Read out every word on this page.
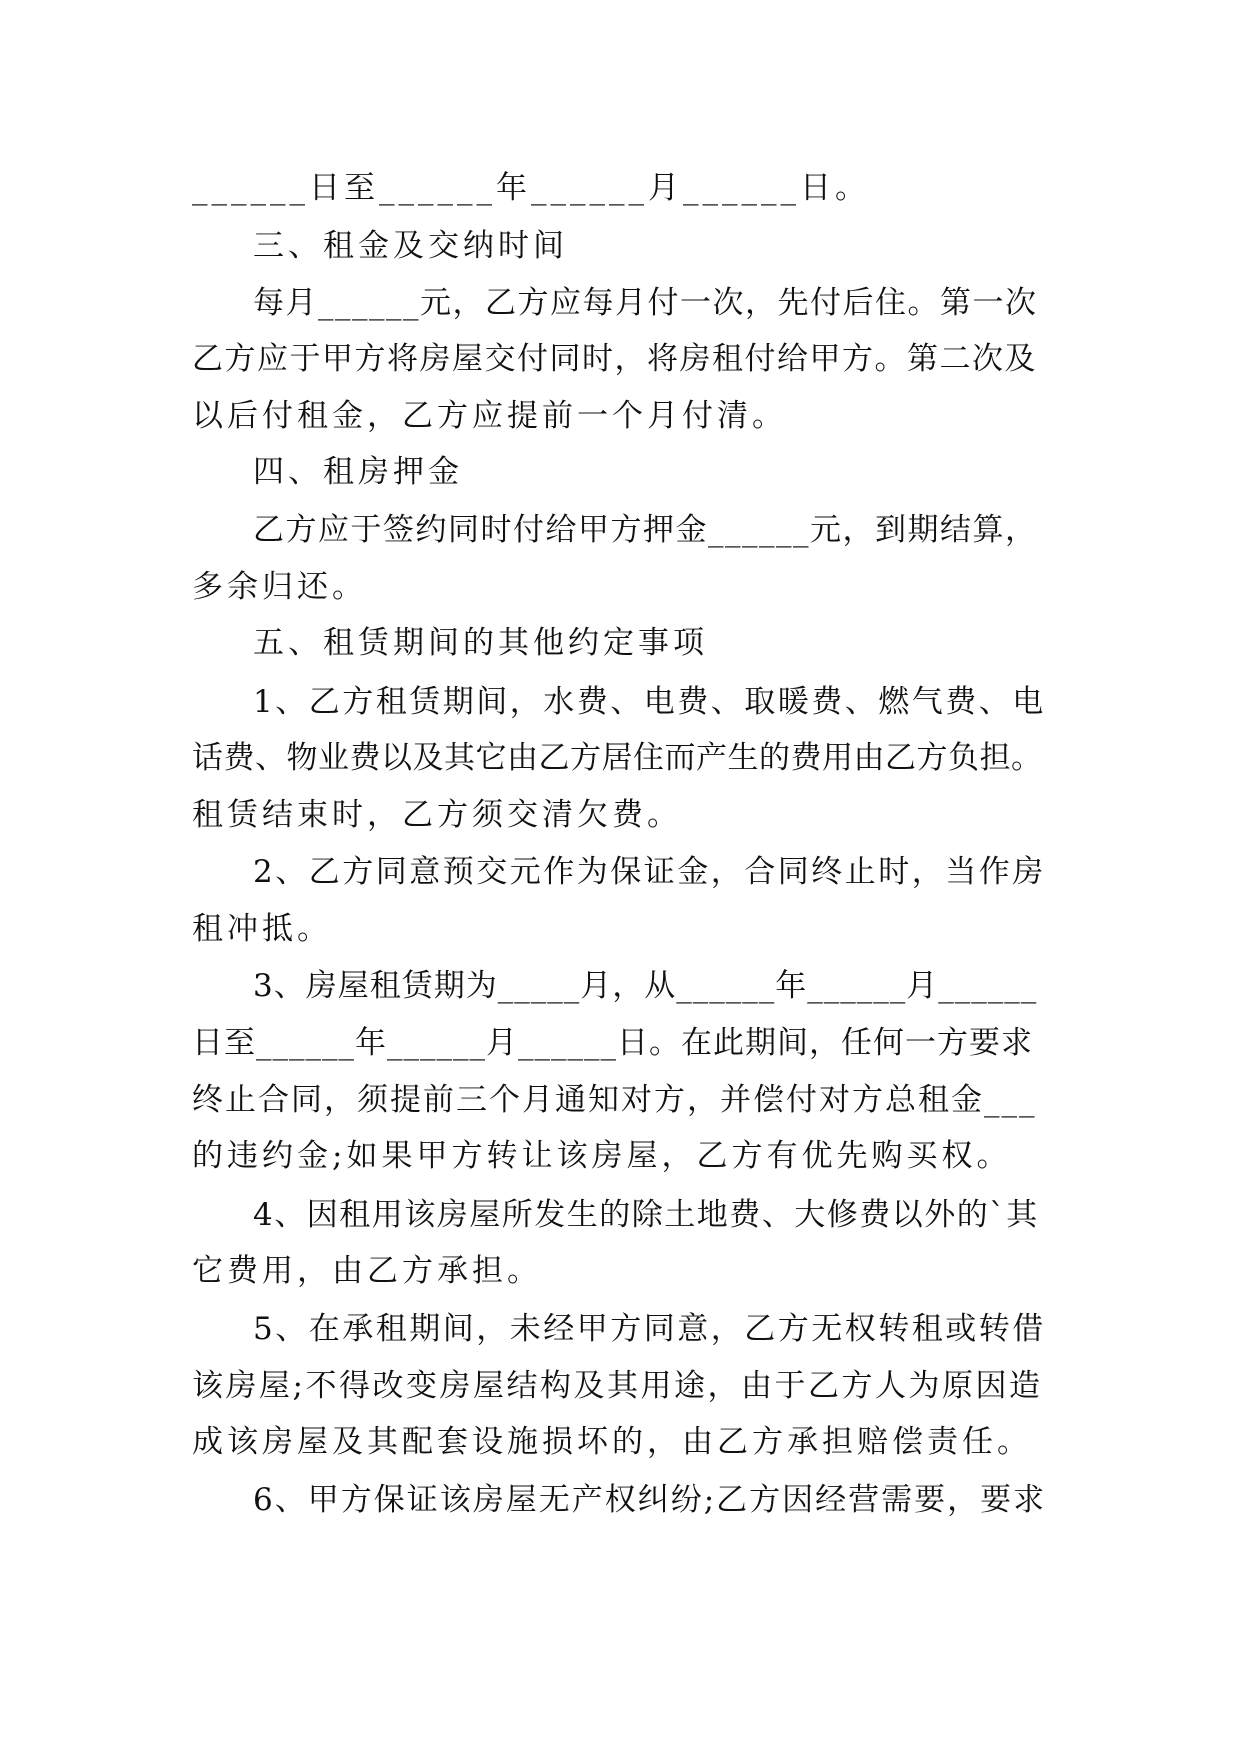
______日至______年______月______日。
三、租金及交纳时间
每月______元，乙方应每月付一次，先付后住。第一次
乙方应于甲方将房屋交付同时，将房租付给甲方。第二次及
以后付租金，乙方应提前一个月付清。
四、租房押金
乙方应于签约同时付给甲方押金______元，到期结算，
多余归还。
五、租赁期间的其他约定事项
1、乙方租赁期间，水费、电费、取暖费、燃气费、电
话费、物业费以及其它由乙方居住而产生的费用由乙方负担。
租赁结束时，乙方须交清欠费。
2、乙方同意预交元作为保证金，合同终止时，当作房
租冲抵。
3、房屋租赁期为_____月，从______年______月______
日至______年______月______日。在此期间，任何一方要求
终止合同，须提前三个月通知对方，并偿付对方总租金___
的违约金;如果甲方转让该房屋，乙方有优先购买权。
4、因租用该房屋所发生的除土地费、大修费以外的`其
它费用，由乙方承担。
5、在承租期间，未经甲方同意，乙方无权转租或转借
该房屋;不得改变房屋结构及其用途，由于乙方人为原因造
成该房屋及其配套设施损坏的，由乙方承担赔偿责任。
6、甲方保证该房屋无产权纠纷;乙方因经营需要，要求
